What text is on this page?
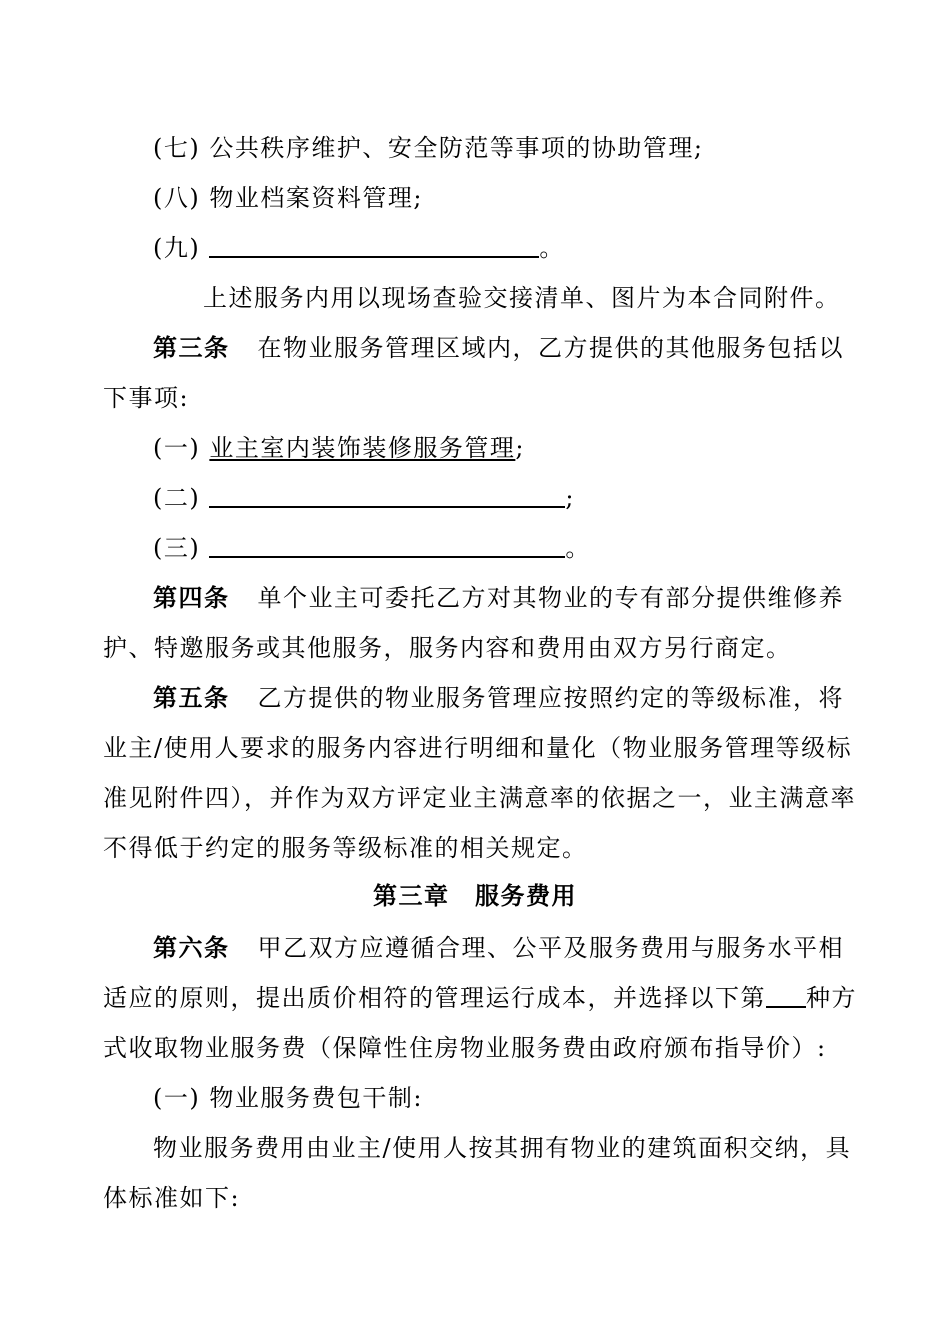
(七) 公共秩序维护、安全防范等事项的协助管理;
(八) 物业档案资料管理;
(九)	。
上述服务内用以现场查验交接清单、图片为本合同附件。
第三条 在物业服务管理区域内，乙方提供的其他服务包括以
下事项:
(一) 业主室内装饰装修服务管理;
(二)	;
(三)	。
第四条 单个业主可委托乙方对其物业的专有部分提供维修养
护、特邀服务或其他服务，服务内容和费用由双方另行商定。
第五条 乙方提供的物业服务管理应按照约定的等级标准，将
业主/使用人要求的服务内容进行明细和量化（物业服务管理等级标
准见附件四），并作为双方评定业主满意率的依据之一，业主满意率
不得低于约定的服务等级标准的相关规定。
第三章　服务费用
第六条 甲乙双方应遵循合理、公平及服务费用与服务水平相
适应的原则，提出质价相符的管理运行成本，并选择以下第 种方
式收取物业服务费（保障性住房物业服务费由政府颁布指导价）:
(一) 物业服务费包干制:
物业服务费用由业主/使用人按其拥有物业的建筑面积交纳，具
体标准如下:
